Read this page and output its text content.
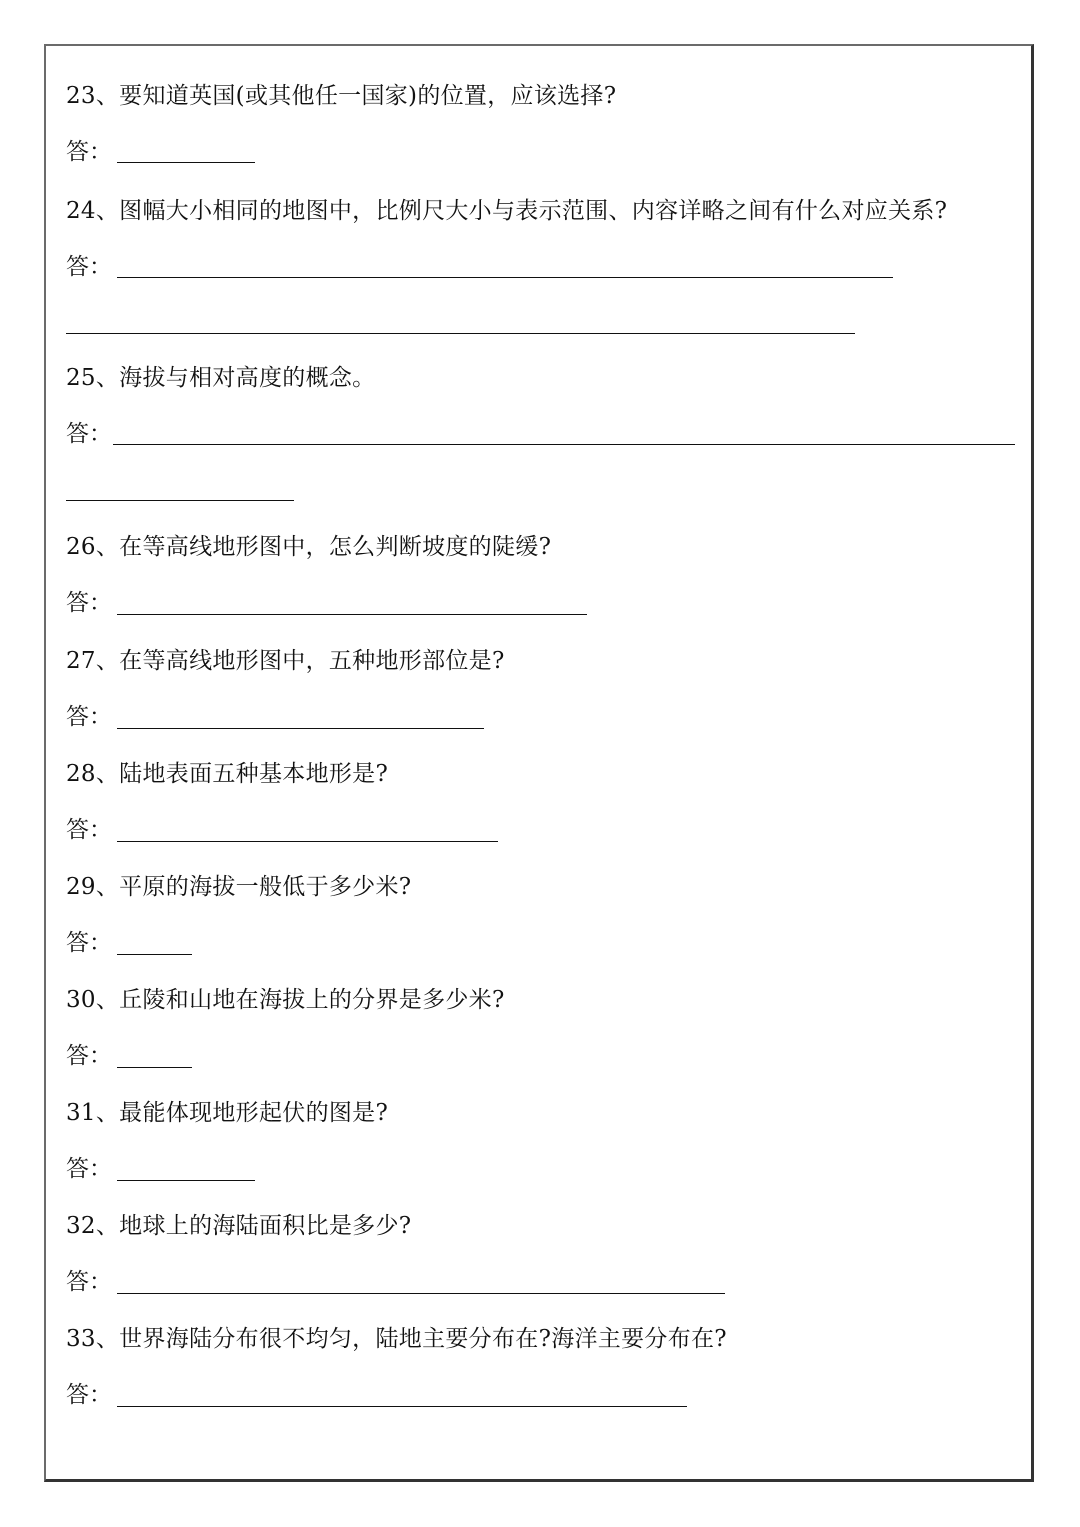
23、要知道英国(或其他任一国家)的位置，应该选择?
答：
24、图幅大小相同的地图中，比例尺大小与表示范围、内容详略之间有什么对应关系?
答：
25、海拔与相对高度的概念。
答：
26、在等高线地形图中，怎么判断坡度的陡缓?
答：
27、在等高线地形图中，五种地形部位是?
答：
28、陆地表面五种基本地形是?
答：
29、平原的海拔一般低于多少米?
答：
30、丘陵和山地在海拔上的分界是多少米?
答：
31、最能体现地形起伏的图是?
答：
32、地球上的海陆面积比是多少?
答：
33、世界海陆分布很不均匀，陆地主要分布在?海洋主要分布在?
答：
